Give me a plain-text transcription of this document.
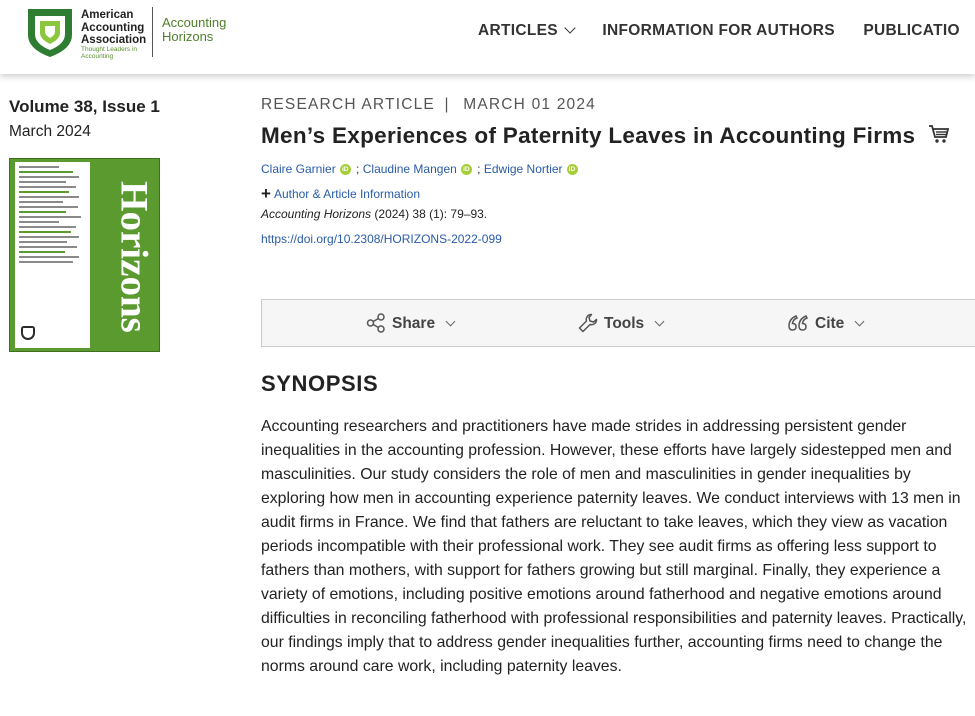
American Accounting Association
Thought Leaders in Accounting
Accounting Horizons	ARTICLES	INFORMATION FOR AUTHORS PUBLICATIO
Volume 38, Issue 1
March 2024
Horizons
RESEARCH ARTICLE | MARCH 01 2024
Men’s Experiences of Paternity Leaves in Accounting Firms
Claire Garnier iD ; Claudine Mangen iD ; Edwige Nortier iD
+ Author & Article Information
Accounting Horizons (2024) 38 (1): 79–93.
https://doi.org/10.2308/HORIZONS-2022-099
Share	Tools	Cite
SYNOPSIS
Accounting researchers and practitioners have made strides in addressing persistent gender inequalities in the accounting profession. However, these efforts have largely sidestepped men and masculinities. Our study considers the role of men and masculinities in gender inequalities by exploring how men in accounting experience paternity leaves. We conduct interviews with 13 men in audit firms in France. We find that fathers are reluctant to take leaves, which they view as vacation periods incompatible with their professional work. They see audit firms as offering less support to fathers than mothers, with support for fathers growing but still marginal. Finally, they experience a variety of emotions, including positive emotions around fatherhood and negative emotions around difficulties in reconciling fatherhood with professional responsibilities and paternity leaves. Practically, our findings imply that to address gender inequalities further, accounting firms need to change the norms around care work, including paternity leaves.
